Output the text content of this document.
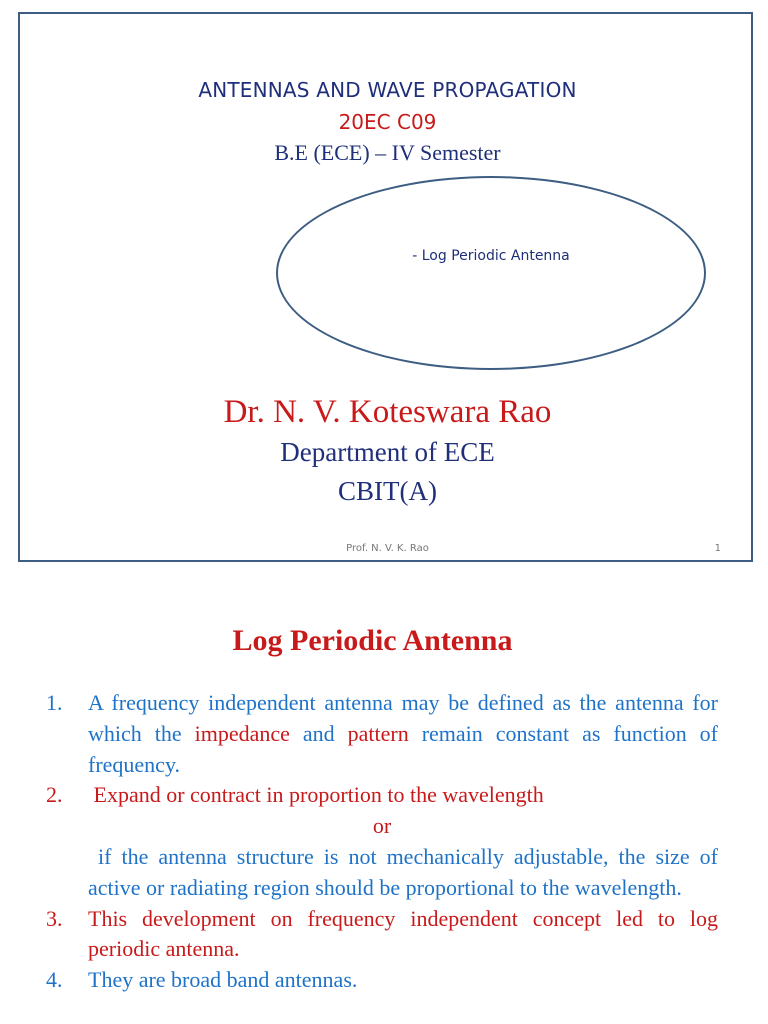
ANTENNAS AND WAVE PROPAGATION
20EC C09
B.E (ECE) – IV Semester
- Log Periodic Antenna
Dr. N. V. Koteswara Rao
Department of ECE
CBIT(A)
Prof. N. V. K. Rao	1
Log Periodic Antenna
1. A frequency independent antenna may be defined as the antenna for which the impedance and pattern remain constant as function of frequency.
2. Expand or contract in proportion to the wavelength
or
if the antenna structure is not mechanically adjustable, the size of active or radiating region should be proportional to the wavelength.
3. This development on frequency independent concept led to log periodic antenna.
4. They are broad band antennas.
